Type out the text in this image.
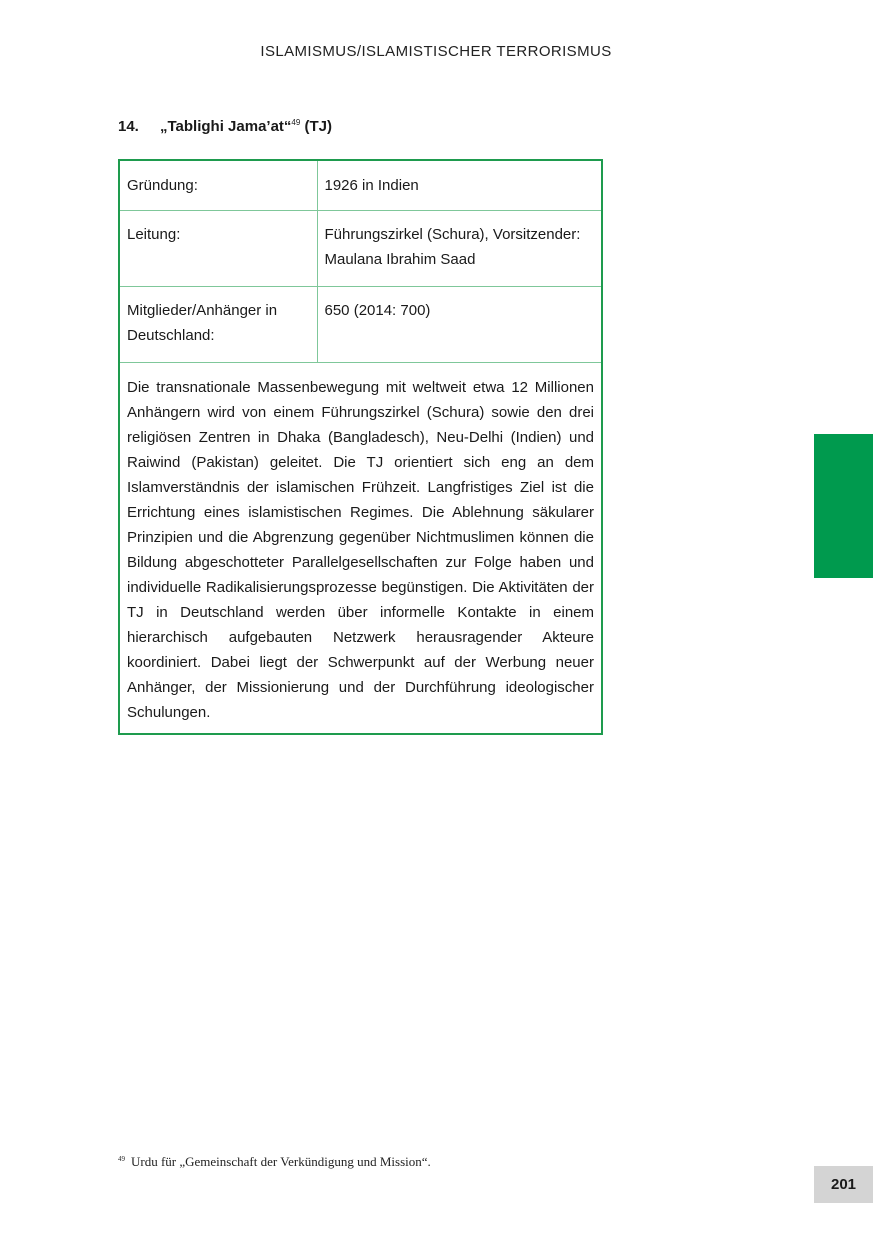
ISLAMISMUS/ISLAMISTISCHER TERRORISMUS
14. „Tablighi Jama’at“$^{49}$ (TJ)
Gründung:	1926 in Indien
Leitung:	Führungszirkel (Schura), Vorsitzender: Maulana Ibrahim Saad
Mitglieder/Anhänger in Deutschland:	650 (2014: 700)
Die transnationale Massenbewegung mit weltweit etwa 12 Millionen Anhängern wird von einem Führungszirkel (Schura) sowie den drei religiösen Zentren in Dhaka (Bangladesch), Neu-Delhi (Indien) und Raiwind (Pakistan) geleitet. Die TJ orientiert sich eng an dem Islamverständnis der islamischen Frühzeit. Langfristiges Ziel ist die Errichtung eines islamistischen Regimes. Die Ablehnung säkularer Prinzipien und die Abgrenzung gegenüber Nichtmuslimen können die Bildung abgeschotteter Parallelgesellschaften zur Folge haben und individuelle Radikalisierungsprozesse begünstigen. Die Aktivitäten der TJ in Deutschland werden über informelle Kontakte in einem hierarchisch aufgebauten Netzwerk herausragender Akteure koordiniert. Dabei liegt der Schwerpunkt auf der Werbung neuer Anhänger, der Missionierung und der Durchführung ideologischer Schulungen.	
$^{49}$ Urdu für „Gemeinschaft der Verkündigung und Mission“.
201
